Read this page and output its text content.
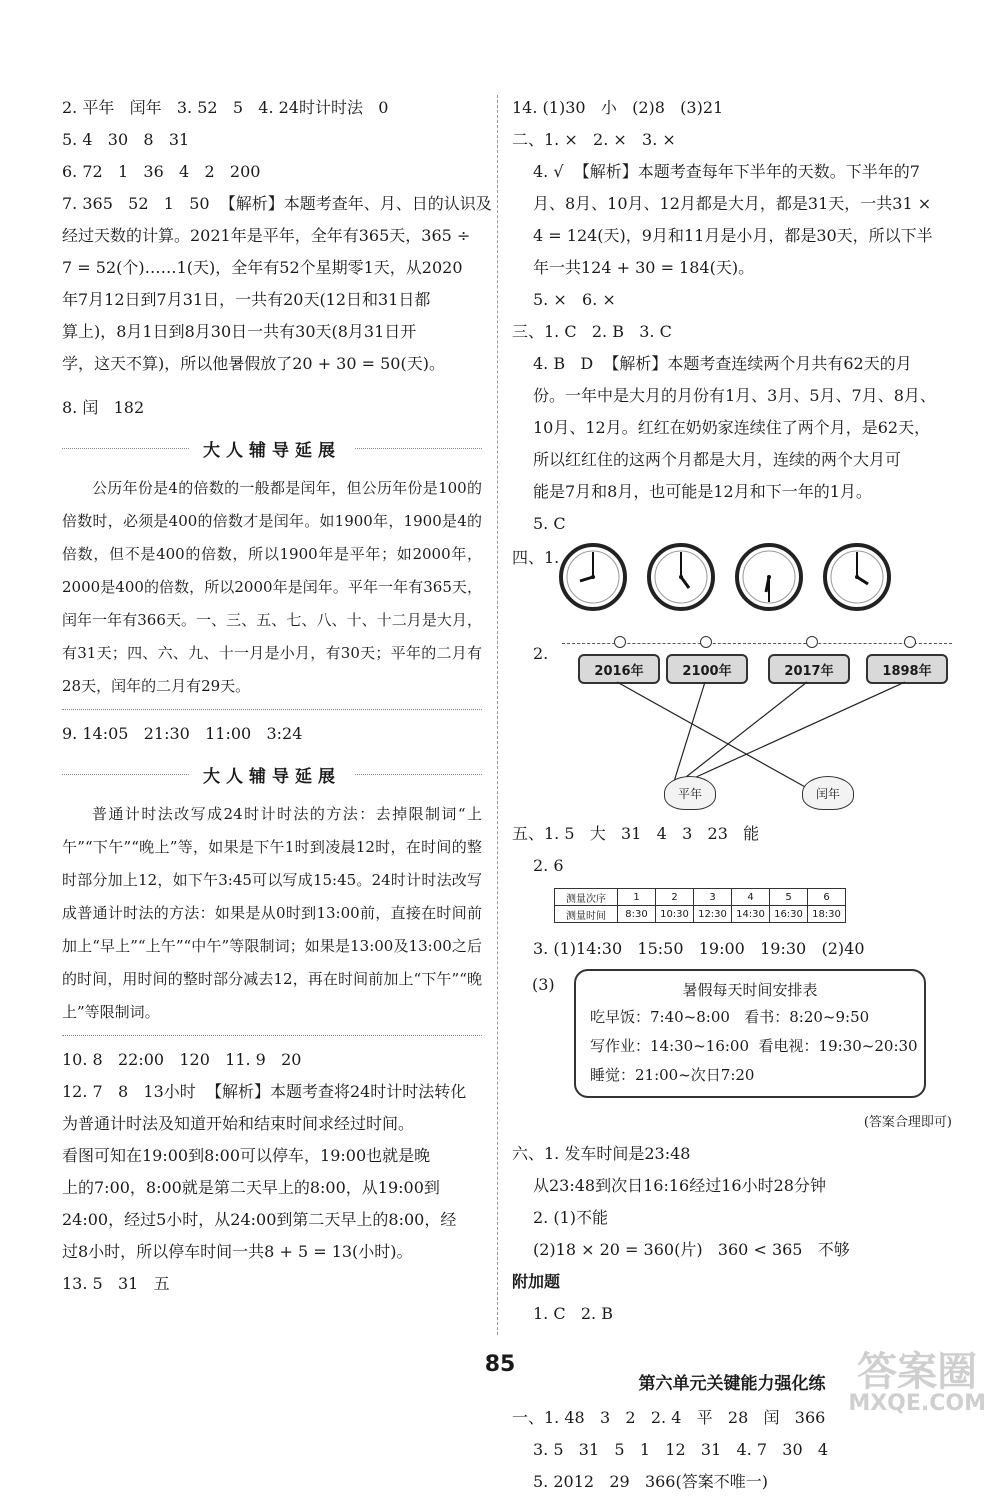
2. 平年   闰年   3. 52   5   4. 24时计时法   0

5. 4   30   8   31

6. 72   1   36   4   2   200

7. 365   52   1   50  【解析】本题考查年、月、日的认识及

经过天数的计算。2021年是平年，全年有365天，365 ÷

7 = 52(个)……1(天)，全年有52个星期零1天，从2020

年7月12日到7月31日，一共有20天(12日和31日都

算上)，8月1日到8月30日一共有30天(8月31日开

学，这天不算)，所以他暑假放了20 + 30 = 50(天)。

8. 闰   182

大人辅导延展

公历年份是4的倍数的一般都是闰年，但公历年份是100的倍数时，必须是400的倍数才是闰年。如1900年，1900是4的倍数，但不是400的倍数，所以1900年是平年；如2000年，2000是400的倍数，所以2000年是闰年。平年一年有365天，闰年一年有366天。一、三、五、七、八、十、十二月是大月，有31天；四、六、九、十一月是小月，有30天；平年的二月有28天，闰年的二月有29天。

9. 14:05   21:30   11:00   3:24

大人辅导延展

普通计时法改写成24时计时法的方法：去掉限制词“上午”“下午”“晚上”等，如果是下午1时到凌晨12时，在时间的整时部分加上12，如下午3:45可以写成15:45。24时计时法改写成普通计时法的方法：如果是从0时到13:00前，直接在时间前加上“早上”“上午”“中午”等限制词；如果是13:00及13:00之后的时间，用时间的整时部分减去12，再在时间前加上“下午”“晚上”等限制词。

10. 8   22:00   120   11. 9   20

12. 7   8   13小时  【解析】本题考查将24时计时法转化

为普通计时法及知道开始和结束时间求经过时间。

看图可知在19:00到8:00可以停车，19:00也就是晚

上的7:00，8:00就是第二天早上的8:00，从19:00到

24:00，经过5小时，从24:00到第二天早上的8:00，经

过8小时，所以停车时间一共8 + 5 = 13(小时)。

13. 5   31   五

14. (1)30   小   (2)8   (3)21

二、1. ×   2. ×   3. ×

4. √  【解析】本题考查每年下半年的天数。下半年的7

月、8月、10月、12月都是大月，都是31天，一共31 ×

4 = 124(天)，9月和11月是小月，都是30天，所以下半

年一共124 + 30 = 184(天)。

5. ×   6. ×

三、1. C   2. B   3. C

4. B   D  【解析】本题考查连续两个月共有62天的月

份。一年中是大月的月份有1月、3月、5月、7月、8月、

10月、12月。红红在奶奶家连续住了两个月，是62天，

所以红红住的这两个月都是大月，连续的两个大月可

能是7月和8月，也可能是12月和下一年的1月。

5. C

四、1.
2.
2016年	2100年	2017年	1898年
平年	闰年

五、1. 5   大   31   4   3   23   能

2. 6

测量次序	1	2	3	4	5	6
测量时间	8:30	10:30	12:30	14:30	16:30	18:30

3. (1)14:30   15:50   19:00   19:30   (2)40

(3)	暑假每天时间安排表
吃早饭：7:40~8:00   看书：8:20~9:50
写作业：14:30~16:00  看电视：19:30~20:30
睡觉：21:00~次日7:20

(答案合理即可)

六、1. 发车时间是23:48

从23:48到次日16:16经过16小时28分钟

2. (1)不能

(2)18 × 20 = 360(片)   360 < 365   不够

附加题

1. C   2. B

第六单元关键能力强化练

一、1. 48   3   2   2. 4   平   28   闰   366

3. 5   31   5   1   12   31   4. 7   30   4

5. 2012   29   366(答案不唯一)

85	答案圈
MXQE.COM
